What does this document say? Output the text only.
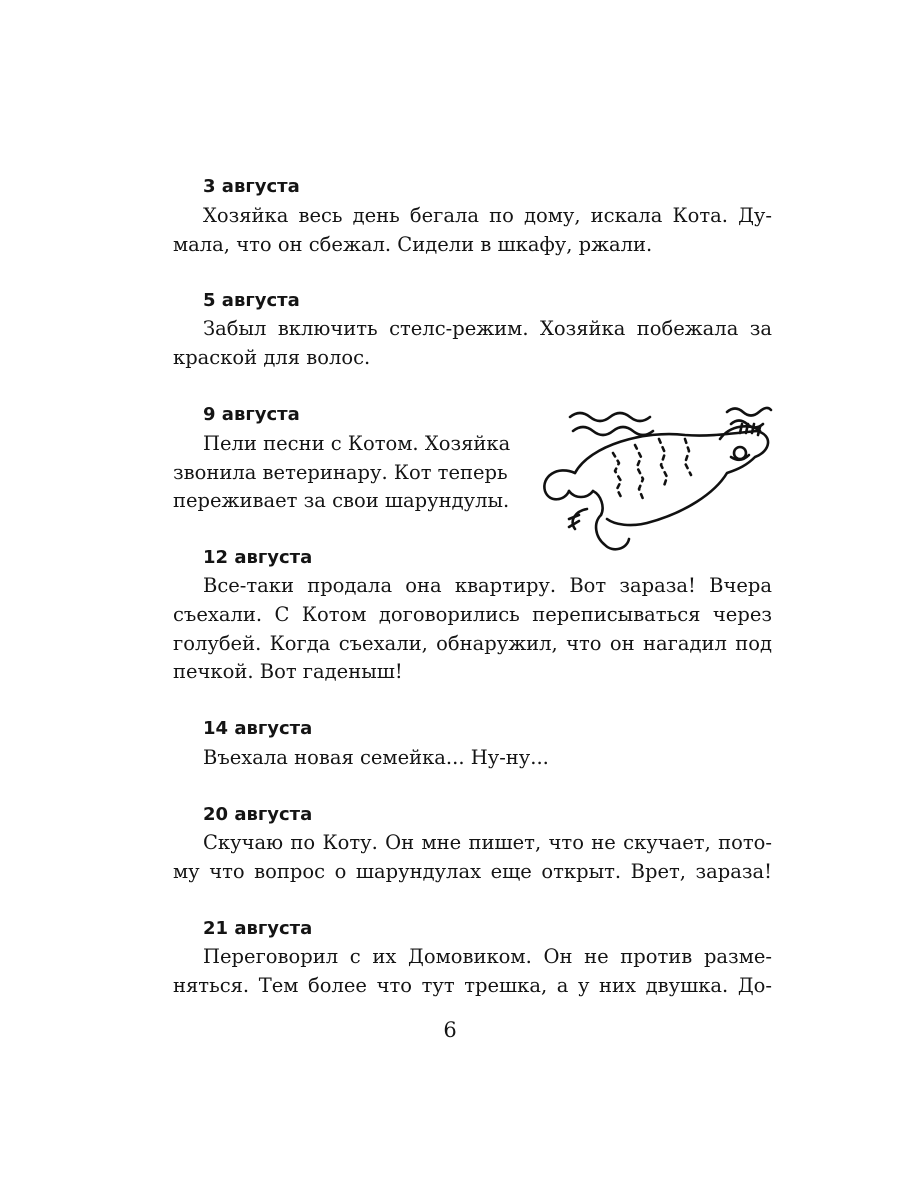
3 августа
Хозяйка весь день бегала по дому, искала Кота. Ду-
мала, что он сбежал. Сидели в шкафу, ржали.
5 августа
Забыл включить стелс-режим. Хозяйка побежала за
краской для волос.
9 августа
Пели песни с Котом. Хозяйка
звонила ветеринару. Кот теперь
переживает за свои шарундулы.
12 августа
Все-таки продала она квартиру. Вот зараза! Вчера
съехали. С Котом договорились переписываться через
голубей. Когда съехали, обнаружил, что он нагадил под
печкой. Вот гаденыш!
14 августа
Въехала новая семейка... Ну-ну...
20 августа
Скучаю по Коту. Он мне пишет, что не скучает, пото-
му что вопрос о шарундулах еще открыт. Врет, зараза!
21 августа
Переговорил с их Домовиком. Он не против разме-
няться. Тем более что тут трешка, а у них двушка. До-
6
